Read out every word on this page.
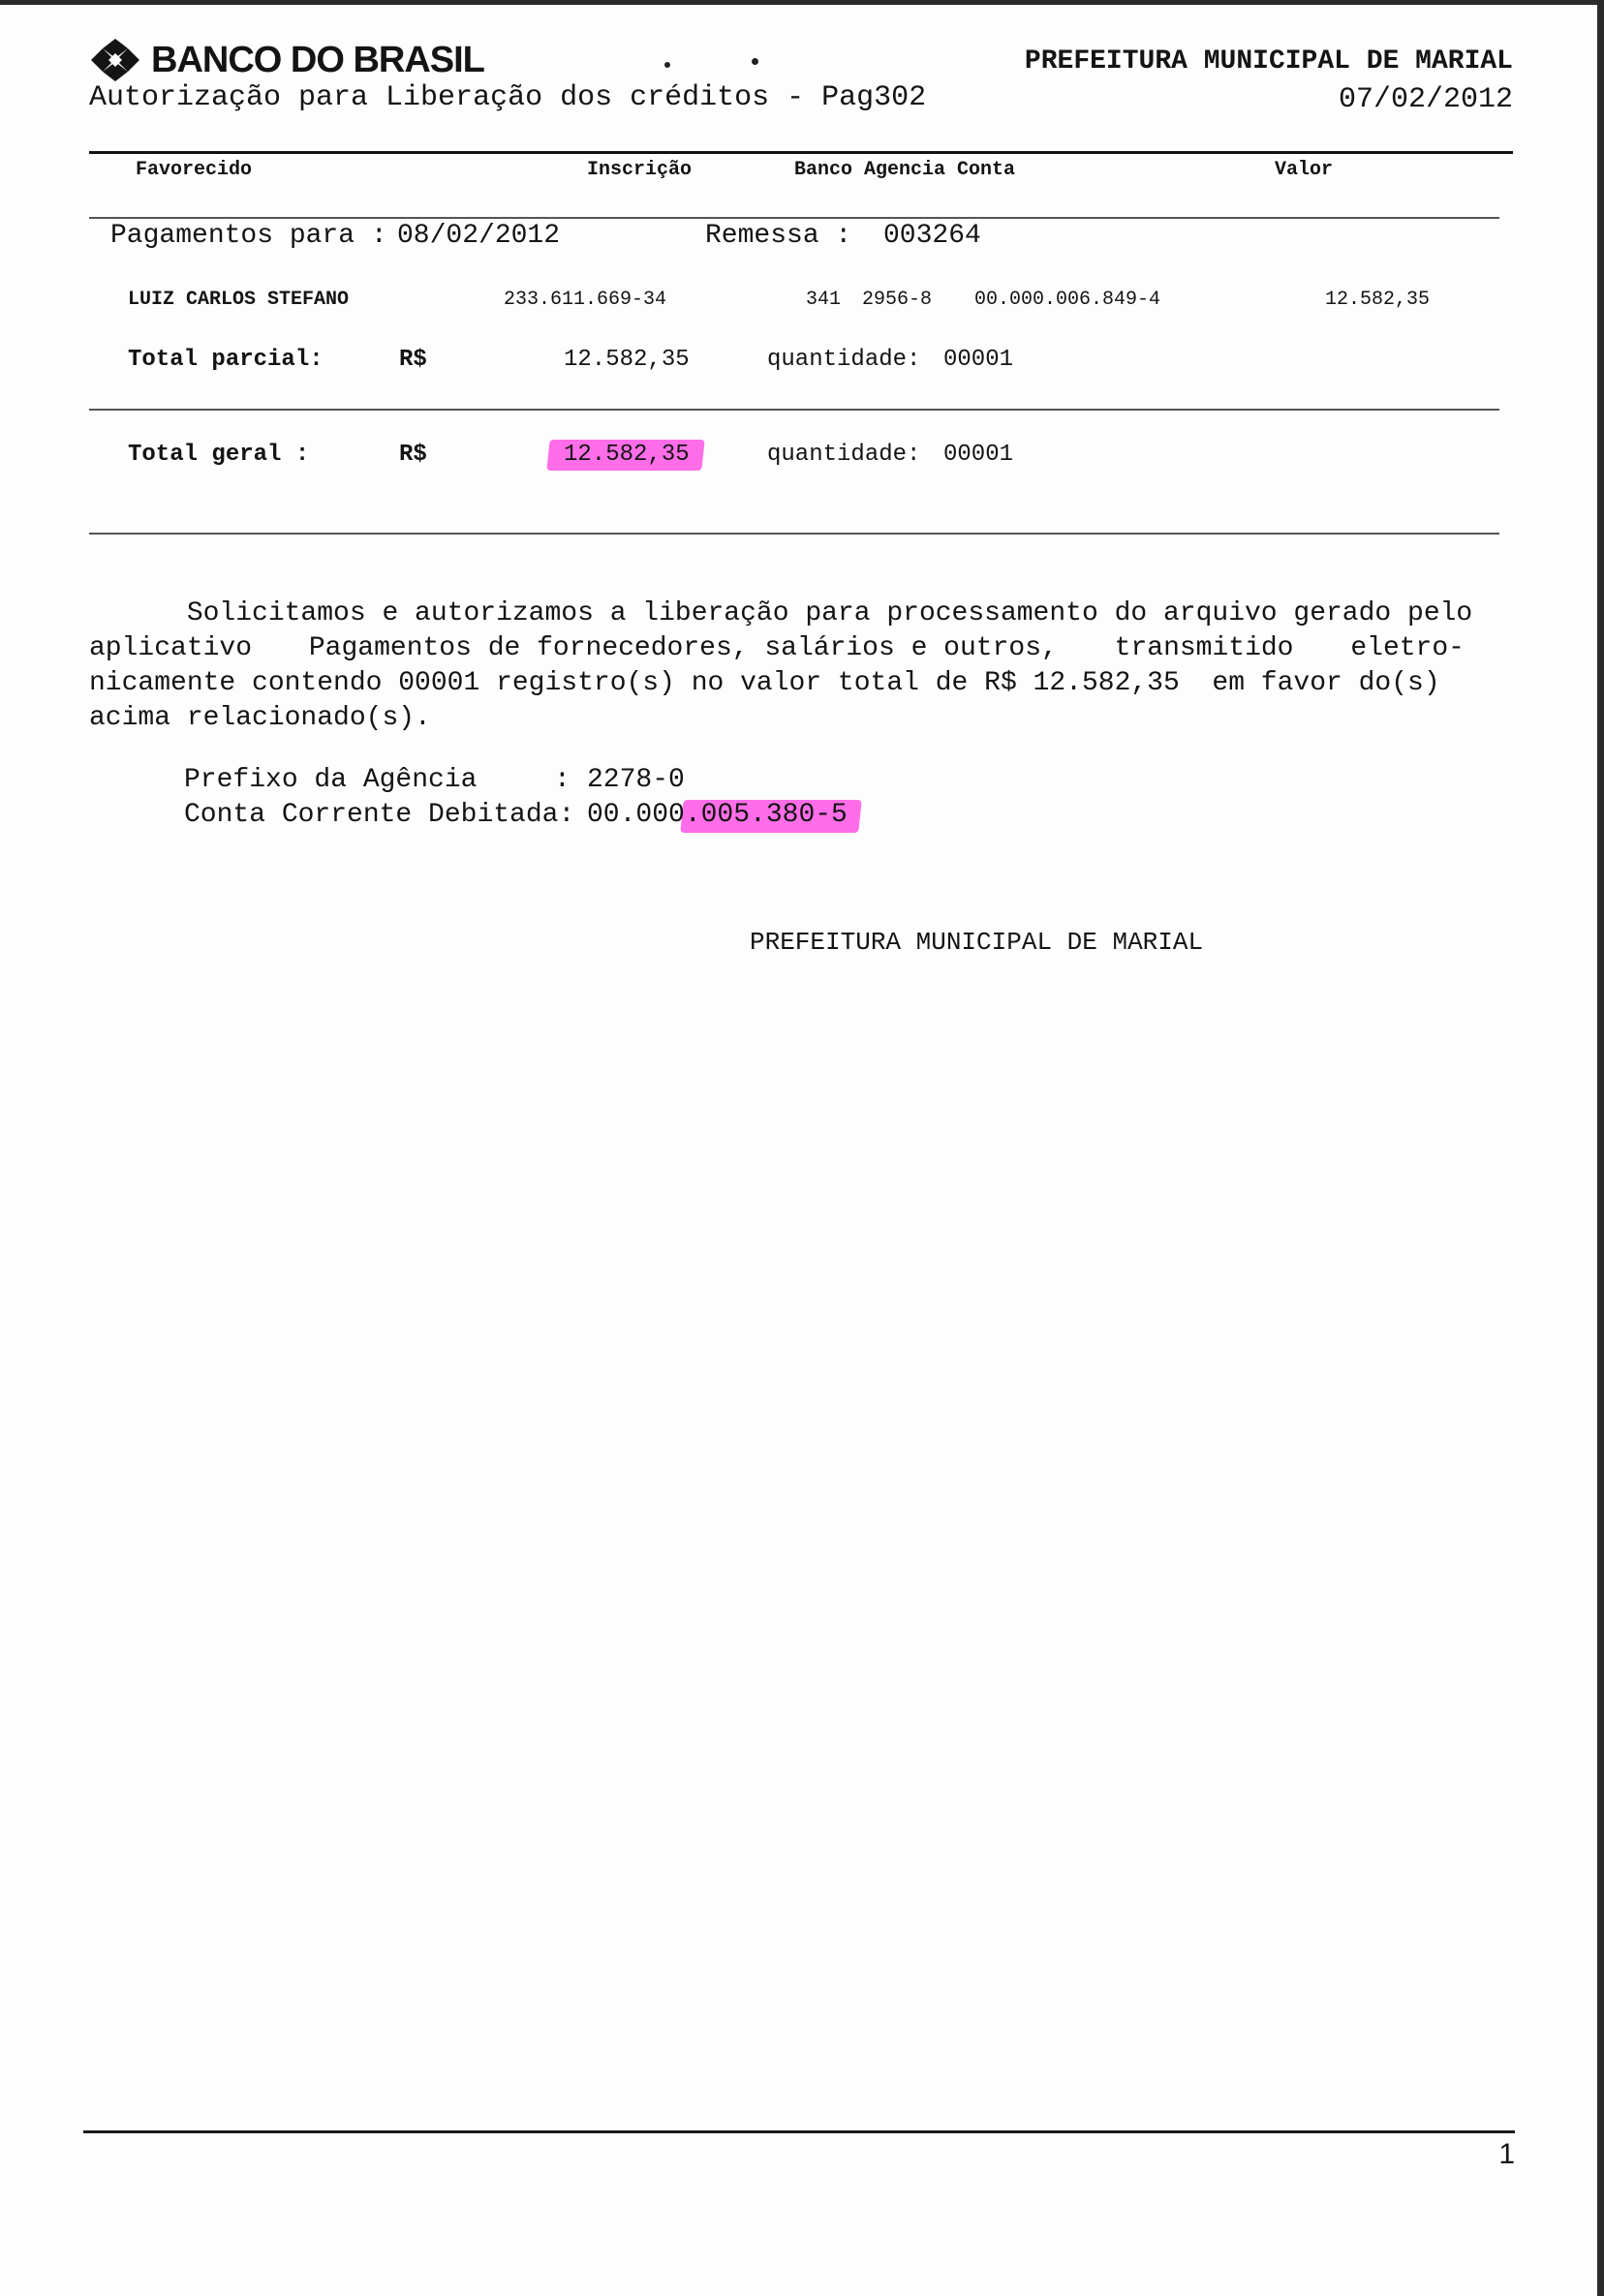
BANCO DO BRASIL
Autorização para Liberação dos créditos - Pag302
PREFEITURA MUNICIPAL DE MARIAL
07/02/2012
Favorecido	Inscrição	Banco Agencia Conta	Valor
Pagamentos para : 08/02/2012	Remessa : 003264
LUIZ CARLOS STEFANO	233.611.669-34	341 2956-8 00.000.006.849-4	12.582,35
Total parcial:	R$	12.582,35	quantidade: 00001
Total geral :	R$	12.582,35	quantidade: 00001
Solicitamos e autorizamos a liberação para processamento do arquivo gerado pelo
aplicativo Pagamentos de fornecedores, salários e outros, transmitido eletro-
nicamente contendo 00001 registro(s) no valor total de R$ 12.582,35  em favor do(s)
acima relacionado(s).
Prefixo da Agência	: 2278-0
Conta Corrente Debitada: 00.000.005.380-5
PREFEITURA MUNICIPAL DE MARIAL
1
